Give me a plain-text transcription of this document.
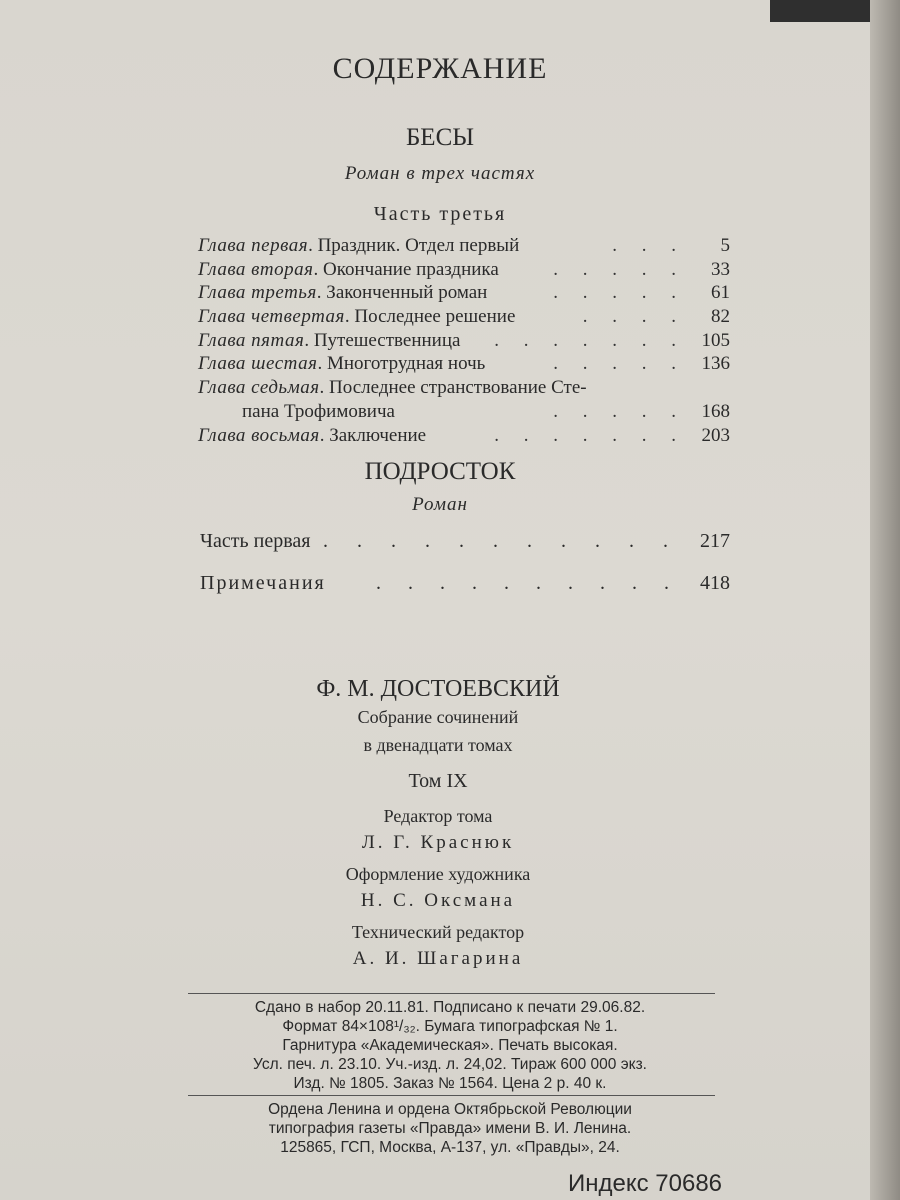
СОДЕРЖАНИЕ
БЕСЫ
Роман в трех частях
Часть третья
Глава первая. Праздник. Отдел первый	. . . 5
Глава вторая. Окончание праздника	. . . . . 33
Глава третья. Законченный роман	. . . . . 61
Глава четвертая. Последнее решение	. . . . 82
Глава пятая. Путешественница . . . . . . . 105
Глава шестая. Многотрудная ночь	. . . . . 136
Глава седьмая. Последнее странствование Сте-
пана Трофимовича	. . . . . 168
Глава восьмая. Заключение	. . . . . . . 203
ПОДРОСТОК
Роман
Часть первая . . . . . . . . . . . 217
Примечания	. . . . . . . . . . 418
Ф. М. ДОСТОЕВСКИЙ
Собрание сочинений
в двенадцати томах
Том IX
Редактор тома
Л. Г. Краснюк
Оформление художника
Н. С. Оксмана
Технический редактор
А. И. Шагарина
Сдано в набор 20.11.81. Подписано к печати 29.06.82.
Формат 84×108¹/₃₂. Бумага типографская № 1.
Гарнитура «Академическая». Печать высокая.
Усл. печ. л. 23.10. Уч.-изд. л. 24,02. Тираж 600 000 экз.
Изд. № 1805. Заказ № 1564. Цена 2 р. 40 к.
Ордена Ленина и ордена Октябрьской Революции
типография газеты «Правда» имени В. И. Ленина.
125865, ГСП, Москва, А-137, ул. «Правды», 24.
Индекс 70686
